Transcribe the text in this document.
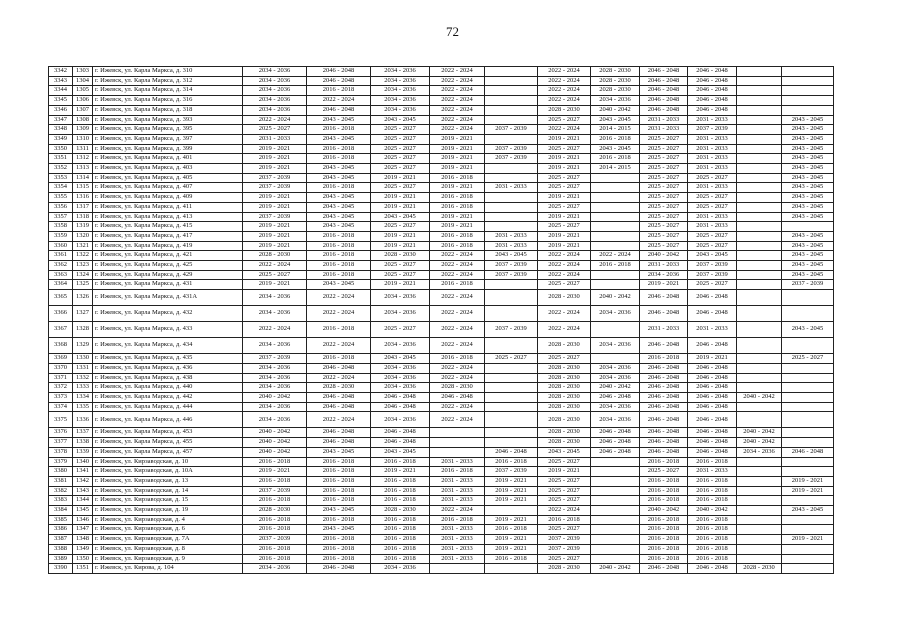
72
3342	1303	г. Ижевск, ул. Карла Маркса, д. 310	2034 - 2036	2046 - 2048	2034 - 2036	2022 - 2024		2022 - 2024	2028 - 2030	2046 - 2048	2046 - 2048		
3343	1304	г. Ижевск, ул. Карла Маркса, д. 312	2034 - 2036	2046 - 2048	2034 - 2036	2022 - 2024		2022 - 2024	2028 - 2030	2046 - 2048	2046 - 2048		
3344	1305	г. Ижевск, ул. Карла Маркса, д. 314	2034 - 2036	2016 - 2018	2034 - 2036	2022 - 2024		2022 - 2024	2028 - 2030	2046 - 2048	2046 - 2048		
3345	1306	г. Ижевск, ул. Карла Маркса, д. 316	2034 - 2036	2022 - 2024	2034 - 2036	2022 - 2024		2022 - 2024	2034 - 2036	2046 - 2048	2046 - 2048		
3346	1307	г. Ижевск, ул. Карла Маркса, д. 318	2034 - 2036	2046 - 2048	2034 - 2036	2022 - 2024		2028 - 2030	2040 - 2042	2046 - 2048	2046 - 2048		
3347	1308	г. Ижевск, ул. Карла Маркса, д. 393	2022 - 2024	2043 - 2045	2043 - 2045	2022 - 2024		2025 - 2027	2043 - 2045	2031 - 2033	2031 - 2033		2043 - 2045
3348	1309	г. Ижевск, ул. Карла Маркса, д. 395	2025 - 2027	2016 - 2018	2025 - 2027	2022 - 2024	2037 - 2039	2022 - 2024	2014 - 2015	2031 - 2033	2037 - 2039		2043 - 2045
3349	1310	г. Ижевск, ул. Карла Маркса, д. 397	2031 - 2033	2043 - 2045	2025 - 2027	2019 - 2021		2019 - 2021	2016 - 2018	2025 - 2027	2031 - 2033		2043 - 2045
3350	1311	г. Ижевск, ул. Карла Маркса, д. 399	2019 - 2021	2016 - 2018	2025 - 2027	2019 - 2021	2037 - 2039	2025 - 2027	2043 - 2045	2025 - 2027	2031 - 2033		2043 - 2045
3351	1312	г. Ижевск, ул. Карла Маркса, д. 401	2019 - 2021	2016 - 2018	2025 - 2027	2019 - 2021	2037 - 2039	2019 - 2021	2016 - 2018	2025 - 2027	2031 - 2033		2043 - 2045
3352	1313	г. Ижевск, ул. Карла Маркса, д. 403	2019 - 2021	2043 - 2045	2025 - 2027	2019 - 2021		2019 - 2021	2014 - 2015	2025 - 2027	2031 - 2033		2043 - 2045
3353	1314	г. Ижевск, ул. Карла Маркса, д. 405	2037 - 2039	2043 - 2045	2019 - 2021	2016 - 2018		2025 - 2027		2025 - 2027	2025 - 2027		2043 - 2045
3354	1315	г. Ижевск, ул. Карла Маркса, д. 407	2037 - 2039	2016 - 2018	2025 - 2027	2019 - 2021	2031 - 2033	2025 - 2027		2025 - 2027	2031 - 2033		2043 - 2045
3355	1316	г. Ижевск, ул. Карла Маркса, д. 409	2019 - 2021	2043 - 2045	2019 - 2021	2016 - 2018		2019 - 2021		2025 - 2027	2025 - 2027		2043 - 2045
3356	1317	г. Ижевск, ул. Карла Маркса, д. 411	2019 - 2021	2043 - 2045	2019 - 2021	2016 - 2018		2025 - 2027		2025 - 2027	2025 - 2027		2043 - 2045
3357	1318	г. Ижевск, ул. Карла Маркса, д. 413	2037 - 2039	2043 - 2045	2043 - 2045	2019 - 2021		2019 - 2021		2025 - 2027	2031 - 2033		2043 - 2045
3358	1319	г. Ижевск, ул. Карла Маркса, д. 415	2019 - 2021	2043 - 2045	2025 - 2027	2019 - 2021		2025 - 2027		2025 - 2027	2031 - 2033		
3359	1320	г. Ижевск, ул. Карла Маркса, д. 417	2019 - 2021	2016 - 2018	2019 - 2021	2016 - 2018	2031 - 2033	2019 - 2021		2025 - 2027	2025 - 2027		2043 - 2045
3360	1321	г. Ижевск, ул. Карла Маркса, д. 419	2019 - 2021	2016 - 2018	2019 - 2021	2016 - 2018	2031 - 2033	2019 - 2021		2025 - 2027	2025 - 2027		2043 - 2045
3361	1322	г. Ижевск, ул. Карла Маркса, д. 421	2028 - 2030	2016 - 2018	2028 - 2030	2022 - 2024	2043 - 2045	2022 - 2024	2022 - 2024	2040 - 2042	2043 - 2045		2043 - 2045
3362	1323	г. Ижевск, ул. Карла Маркса, д. 425	2022 - 2024	2016 - 2018	2025 - 2027	2022 - 2024	2037 - 2039	2022 - 2024	2016 - 2018	2031 - 2033	2037 - 2039		2043 - 2045
3363	1324	г. Ижевск, ул. Карла Маркса, д. 429	2025 - 2027	2016 - 2018	2025 - 2027	2022 - 2024	2037 - 2039	2022 - 2024		2034 - 2036	2037 - 2039		2043 - 2045
3364	1325	г. Ижевск, ул. Карла Маркса, д. 431	2019 - 2021	2043 - 2045	2019 - 2021	2016 - 2018		2025 - 2027		2019 - 2021	2025 - 2027		2037 - 2039
3365	1326	г. Ижевск, ул. Карла Маркса, д. 431А	2034 - 2036	2022 - 2024	2034 - 2036	2022 - 2024		2028 - 2030	2040 - 2042	2046 - 2048	2046 - 2048		
3366	1327	г. Ижевск, ул. Карла Маркса, д. 432	2034 - 2036	2022 - 2024	2034 - 2036	2022 - 2024		2022 - 2024	2034 - 2036	2046 - 2048	2046 - 2048		
3367	1328	г. Ижевск, ул. Карла Маркса, д. 433	2022 - 2024	2016 - 2018	2025 - 2027	2022 - 2024	2037 - 2039	2022 - 2024		2031 - 2033	2031 - 2033		2043 - 2045
3368	1329	г. Ижевск, ул. Карла Маркса, д. 434	2034 - 2036	2022 - 2024	2034 - 2036	2022 - 2024		2028 - 2030	2034 - 2036	2046 - 2048	2046 - 2048		
3369	1330	г. Ижевск, ул. Карла Маркса, д. 435	2037 - 2039	2016 - 2018	2043 - 2045	2016 - 2018	2025 - 2027	2025 - 2027		2016 - 2018	2019 - 2021		2025 - 2027
3370	1331	г. Ижевск, ул. Карла Маркса, д. 436	2034 - 2036	2046 - 2048	2034 - 2036	2022 - 2024		2028 - 2030	2034 - 2036	2046 - 2048	2046 - 2048		
3371	1332	г. Ижевск, ул. Карла Маркса, д. 438	2034 - 2036	2022 - 2024	2034 - 2036	2022 - 2024		2028 - 2030	2034 - 2036	2046 - 2048	2046 - 2048		
3372	1333	г. Ижевск, ул. Карла Маркса, д. 440	2034 - 2036	2028 - 2030	2034 - 2036	2028 - 2030		2028 - 2030	2040 - 2042	2046 - 2048	2046 - 2048		
3373	1334	г. Ижевск, ул. Карла Маркса, д. 442	2040 - 2042	2046 - 2048	2046 - 2048	2046 - 2048		2028 - 2030	2046 - 2048	2046 - 2048	2046 - 2048	2040 - 2042	
3374	1335	г. Ижевск, ул. Карла Маркса, д. 444	2034 - 2036	2046 - 2048	2046 - 2048	2022 - 2024		2028 - 2030	2034 - 2036	2046 - 2048	2046 - 2048		
3375	1336	г. Ижевск, ул. Карла Маркса, д. 446	2034 - 2036	2022 - 2024	2034 - 2036	2022 - 2024		2028 - 2030	2034 - 2036	2046 - 2048	2046 - 2048		
3376	1337	г. Ижевск, ул. Карла Маркса, д. 453	2040 - 2042	2046 - 2048	2046 - 2048			2028 - 2030	2046 - 2048	2046 - 2048	2046 - 2048	2040 - 2042	
3377	1338	г. Ижевск, ул. Карла Маркса, д. 455	2040 - 2042	2046 - 2048	2046 - 2048			2028 - 2030	2046 - 2048	2046 - 2048	2046 - 2048	2040 - 2042	
3378	1339	г. Ижевск, ул. Карла Маркса, д. 457	2040 - 2042	2043 - 2045	2043 - 2045		2046 - 2048	2043 - 2045	2046 - 2048	2046 - 2048	2046 - 2048	2034 - 2036	2046 - 2048
3379	1340	г. Ижевск, ул. Кирзаводская, д. 10	2016 - 2018	2016 - 2018	2016 - 2018	2031 - 2033	2016 - 2018	2025 - 2027		2016 - 2018	2016 - 2018		
3380	1341	г. Ижевск, ул. Кирзаводская, д. 10А	2019 - 2021	2016 - 2018	2019 - 2021	2016 - 2018	2037 - 2039	2019 - 2021		2025 - 2027	2031 - 2033		
3381	1342	г. Ижевск, ул. Кирзаводская, д. 13	2016 - 2018	2016 - 2018	2016 - 2018	2031 - 2033	2019 - 2021	2025 - 2027		2016 - 2018	2016 - 2018		2019 - 2021
3382	1343	г. Ижевск, ул. Кирзаводская, д. 14	2037 - 2039	2016 - 2018	2016 - 2018	2031 - 2033	2019 - 2021	2025 - 2027		2016 - 2018	2016 - 2018		2019 - 2021
3383	1344	г. Ижевск, ул. Кирзаводская, д. 15	2016 - 2018	2016 - 2018	2016 - 2018	2031 - 2033	2019 - 2021	2025 - 2027		2016 - 2018	2016 - 2018		
3384	1345	г. Ижевск, ул. Кирзаводская, д. 19	2028 - 2030	2043 - 2045	2028 - 2030	2022 - 2024		2022 - 2024		2040 - 2042	2040 - 2042		2043 - 2045
3385	1346	г. Ижевск, ул. Кирзаводская, д. 4	2016 - 2018	2016 - 2018	2016 - 2018	2016 - 2018	2019 - 2021	2016 - 2018		2016 - 2018	2016 - 2018		
3386	1347	г. Ижевск, ул. Кирзаводская, д. 6	2016 - 2018	2043 - 2045	2016 - 2018	2031 - 2033	2016 - 2018	2025 - 2027		2016 - 2018	2016 - 2018		
3387	1348	г. Ижевск, ул. Кирзаводская, д. 7А	2037 - 2039	2016 - 2018	2016 - 2018	2031 - 2033	2019 - 2021	2037 - 2039		2016 - 2018	2016 - 2018		2019 - 2021
3388	1349	г. Ижевск, ул. Кирзаводская, д. 8	2016 - 2018	2016 - 2018	2016 - 2018	2031 - 2033	2019 - 2021	2037 - 2039		2016 - 2018	2016 - 2018		
3389	1350	г. Ижевск, ул. Кирзаводская, д. 9	2016 - 2018	2016 - 2018	2016 - 2018	2031 - 2033	2016 - 2018	2025 - 2027		2016 - 2018	2016 - 2018		
3390	1351	г. Ижевск, ул. Кирова, д. 104	2034 - 2036	2046 - 2048	2034 - 2036			2028 - 2030	2040 - 2042	2046 - 2048	2046 - 2048	2028 - 2030	
